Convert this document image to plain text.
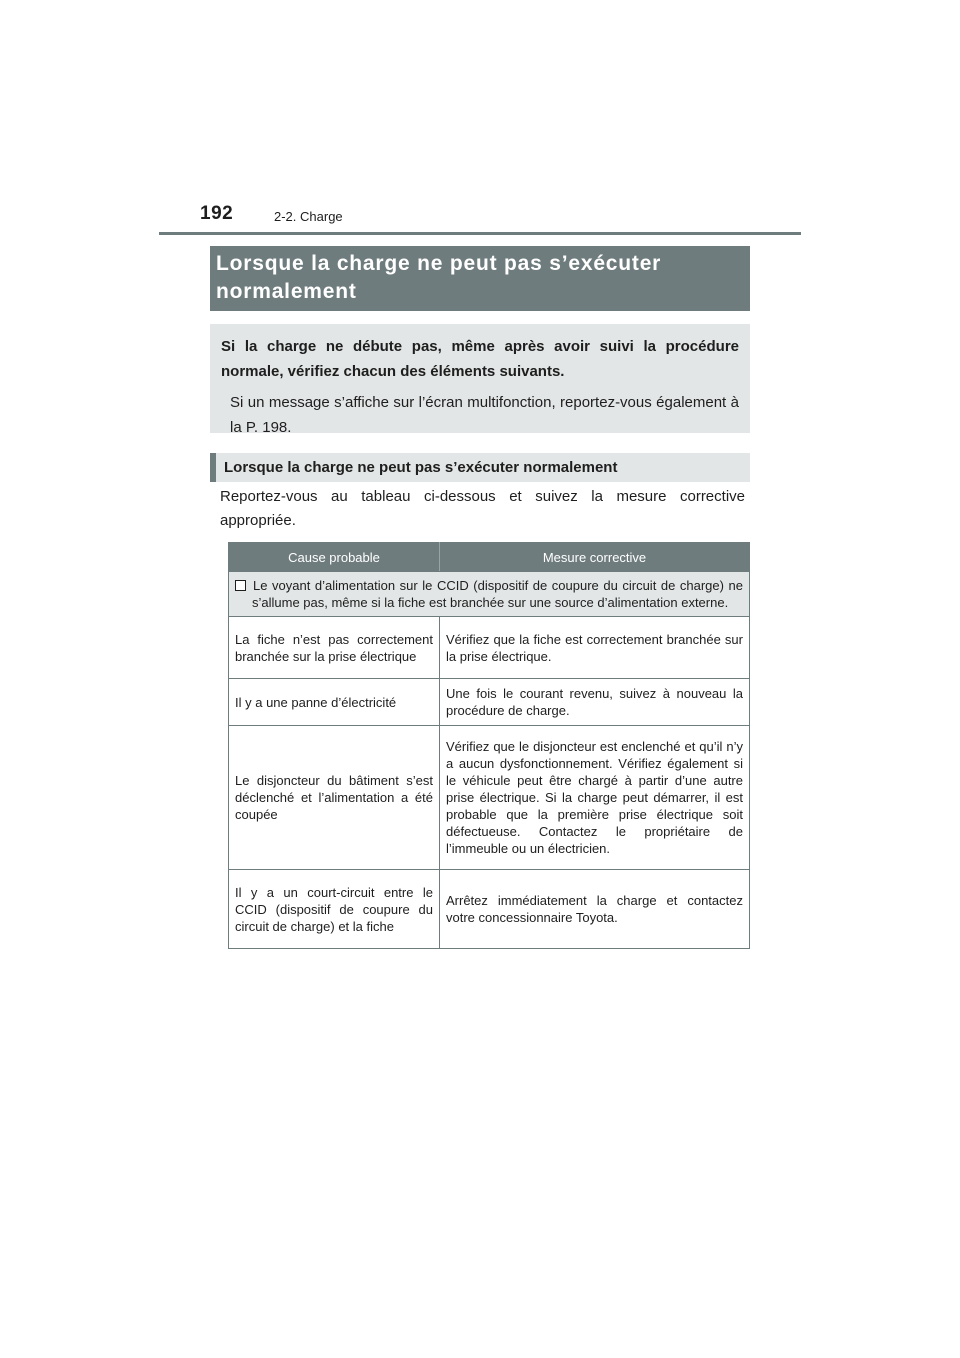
192	2-2. Charge
Lorsque la charge ne peut pas s’exécuter normalement

Si la charge ne débute pas, même après avoir suivi la procédure normale, vérifiez chacun des éléments suivants.

Si un message s’affiche sur l’écran multifonction, reportez-vous également à la P. 198.

Lorsque la charge ne peut pas s’exécuter normalement

Reportez-vous au tableau ci-dessous et suivez la mesure corrective appropriée.

Cause probable	Mesure corrective

Le voyant d’alimentation sur le CCID (dispositif de coupure du circuit de charge) ne s’allume pas, même si la fiche est branchée sur une source d’alimentation externe.	

La fiche n’est pas correctement branchée sur la prise électrique	Vérifiez que la fiche est correctement branchée sur la prise électrique.
Il y a une panne d’électricité	Une fois le courant revenu, suivez à nouveau la procédure de charge.
Le disjoncteur du bâtiment s’est déclenché et l’alimentation a été coupée	Vérifiez que le disjoncteur est enclenché et qu’il n’y a aucun dysfonctionnement. Vérifiez également si le véhicule peut être chargé à partir d’une autre prise électrique. Si la charge peut démarrer, il est probable que la première prise électrique soit défectueuse. Contactez le propriétaire de l’immeuble ou un électricien.
Il y a un court-circuit entre le CCID (dispositif de coupure du circuit de charge) et la fiche	Arrêtez immédiatement la charge et contactez votre concessionnaire Toyota.
